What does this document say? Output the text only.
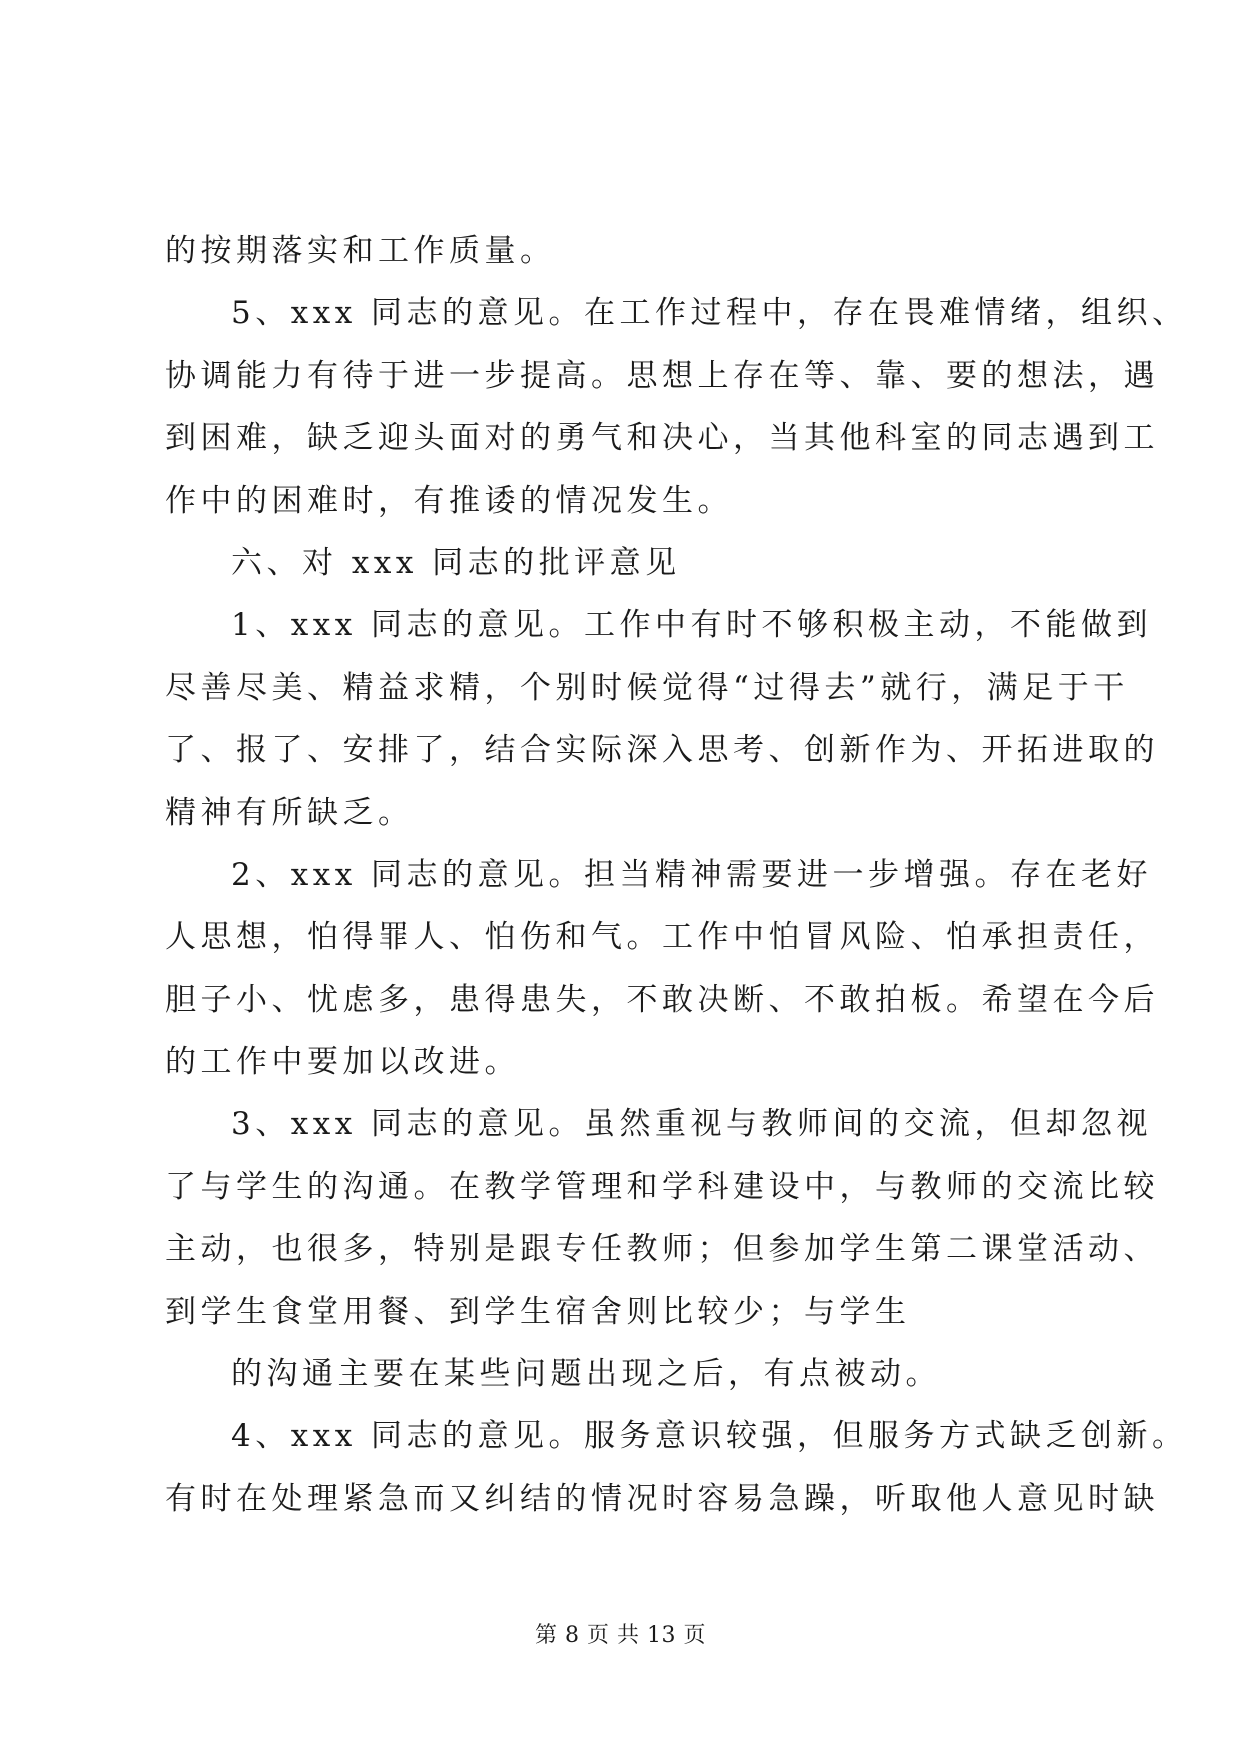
的按期落实和工作质量。
5、xxx 同志的意见。在工作过程中，存在畏难情绪，组织、
协调能力有待于进一步提高。思想上存在等、靠、要的想法，遇
到困难，缺乏迎头面对的勇气和决心，当其他科室的同志遇到工
作中的困难时，有推诿的情况发生。
六、对 xxx 同志的批评意见
1、xxx 同志的意见。工作中有时不够积极主动，不能做到
尽善尽美、精益求精，个别时候觉得“过得去”就行，满足于干
了、报了、安排了，结合实际深入思考、创新作为、开拓进取的
精神有所缺乏。
2、xxx 同志的意见。担当精神需要进一步增强。存在老好
人思想，怕得罪人、怕伤和气。工作中怕冒风险、怕承担责任，
胆子小、忧虑多，患得患失，不敢决断、不敢拍板。希望在今后
的工作中要加以改进。
3、xxx 同志的意见。虽然重视与教师间的交流，但却忽视
了与学生的沟通。在教学管理和学科建设中，与教师的交流比较
主动，也很多，特别是跟专任教师；但参加学生第二课堂活动、
到学生食堂用餐、到学生宿舍则比较少；与学生
的沟通主要在某些问题出现之后，有点被动。
4、xxx 同志的意见。服务意识较强，但服务方式缺乏创新。
有时在处理紧急而又纠结的情况时容易急躁，听取他人意见时缺
第 8 页 共 13 页
